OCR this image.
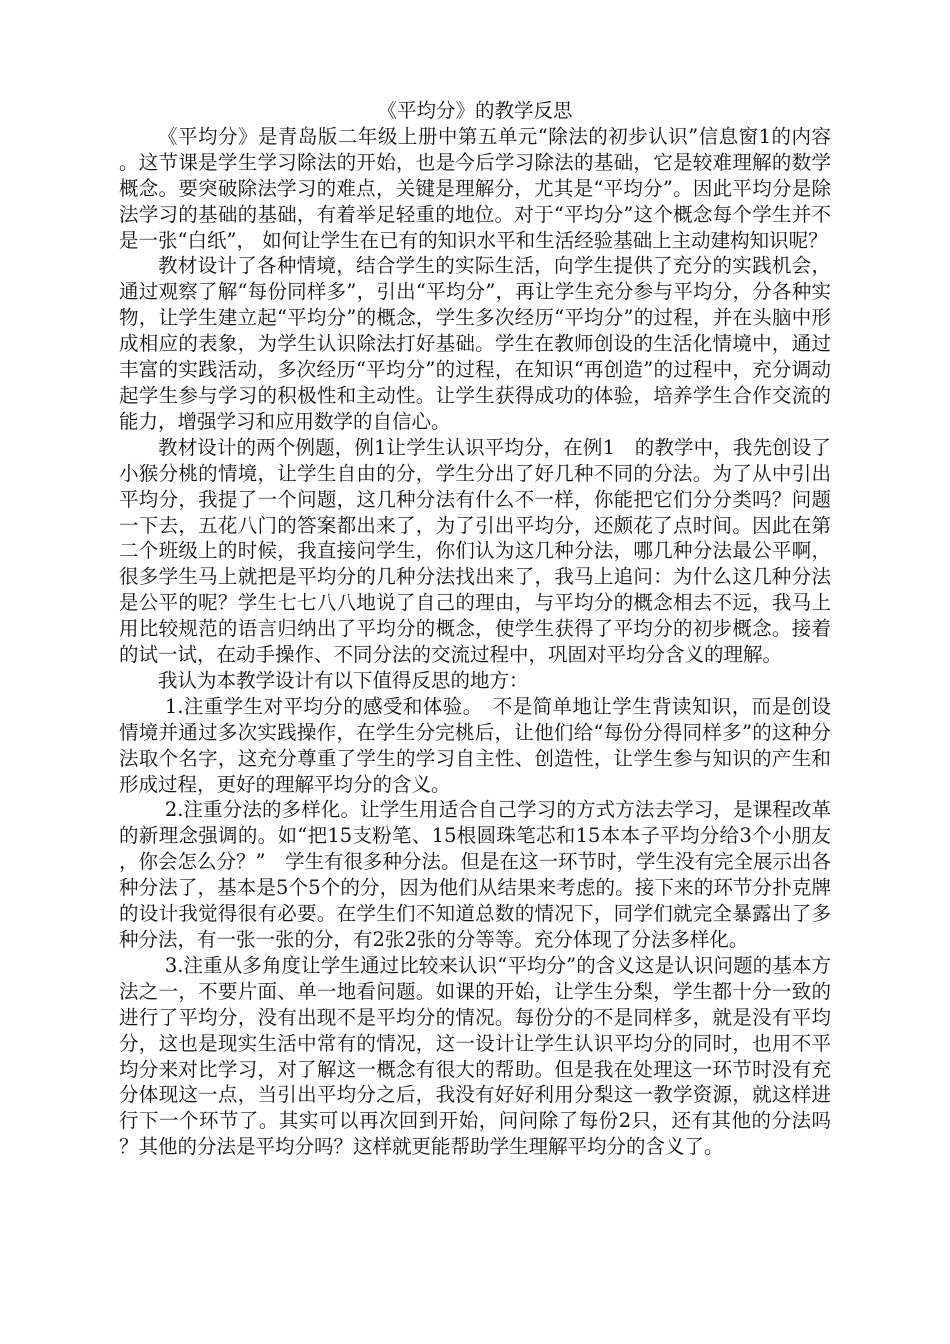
《平均分》的教学反思

《平均分》是青岛版二年级上册中第五单元“除法的初步认识”信息窗1的内容。这节课是学生学习除法的开始，也是今后学习除法的基础，它是较难理解的数学概念。要突破除法学习的难点，关键是理解分，尤其是“平均分”。因此平均分是除法学习的基础的基础，有着举足轻重的地位。对于“平均分”这个概念每个学生并不是一张“白纸”， 如何让学生在已有的知识水平和生活经验基础上主动建构知识呢？

教材设计了各种情境，结合学生的实际生活，向学生提供了充分的实践机会，通过观察了解“每份同样多”，引出“平均分”，再让学生充分参与平均分，分各种实物，让学生建立起“平均分”的概念，学生多次经历“平均分”的过程，并在头脑中形成相应的表象，为学生认识除法打好基础。学生在教师创设的生活化情境中，通过丰富的实践活动，多次经历“平均分”的过程，在知识“再创造”的过程中，充分调动起学生参与学习的积极性和主动性。让学生获得成功的体验，培养学生合作交流的能力，增强学习和应用数学的自信心。

教材设计的两个例题，例1让学生认识平均分，在例1　的教学中，我先创设了小猴分桃的情境，让学生自由的分，学生分出了好几种不同的分法。为了从中引出平均分，我提了一个问题，这几种分法有什么不一样，你能把它们分分类吗？问题一下去，五花八门的答案都出来了，为了引出平均分，还颇花了点时间。因此在第二个班级上的时候，我直接问学生，你们认为这几种分法，哪几种分法最公平啊，很多学生马上就把是平均分的几种分法找出来了，我马上追问：为什么这几种分法是公平的呢？学生七七八八地说了自己的理由，与平均分的概念相去不远，我马上用比较规范的语言归纳出了平均分的概念，使学生获得了平均分的初步概念。接着的试一试，在动手操作、不同分法的交流过程中，巩固对平均分含义的理解。

我认为本教学设计有以下值得反思的地方：

1.注重学生对平均分的感受和体验。　不是简单地让学生背读知识，而是创设情境并通过多次实践操作，在学生分完桃后，让他们给“每份分得同样多”的这种分法取个名字，这充分尊重了学生的学习自主性、创造性，让学生参与知识的产生和形成过程，更好的理解平均分的含义。

2.注重分法的多样化。让学生用适合自己学习的方式方法去学习，是课程改革的新理念强调的。如“把15支粉笔、15根圆珠笔芯和15本本子平均分给3个小朋友，你会怎么分？”　学生有很多种分法。但是在这一环节时，学生没有完全展示出各种分法了，基本是5个5个的分，因为他们从结果来考虑的。接下来的环节分扑克牌的设计我觉得很有必要。在学生们不知道总数的情况下，同学们就完全暴露出了多种分法，有一张一张的分，有2张2张的分等等。充分体现了分法多样化。

3.注重从多角度让学生通过比较来认识“平均分”的含义这是认识问题的基本方法之一，不要片面、单一地看问题。如课的开始，让学生分梨，学生都十分一致的进行了平均分，没有出现不是平均分的情况。每份分的不是同样多，就是没有平均分，这也是现实生活中常有的情况，这一设计让学生认识平均分的同时，也用不平均分来对比学习，对了解这一概念有很大的帮助。但是我在处理这一环节时没有充分体现这一点，当引出平均分之后，我没有好好利用分梨这一教学资源，就这样进行下一个环节了。其实可以再次回到开始，问问除了每份2只，还有其他的分法吗？其他的分法是平均分吗？这样就更能帮助学生理解平均分的含义了。
